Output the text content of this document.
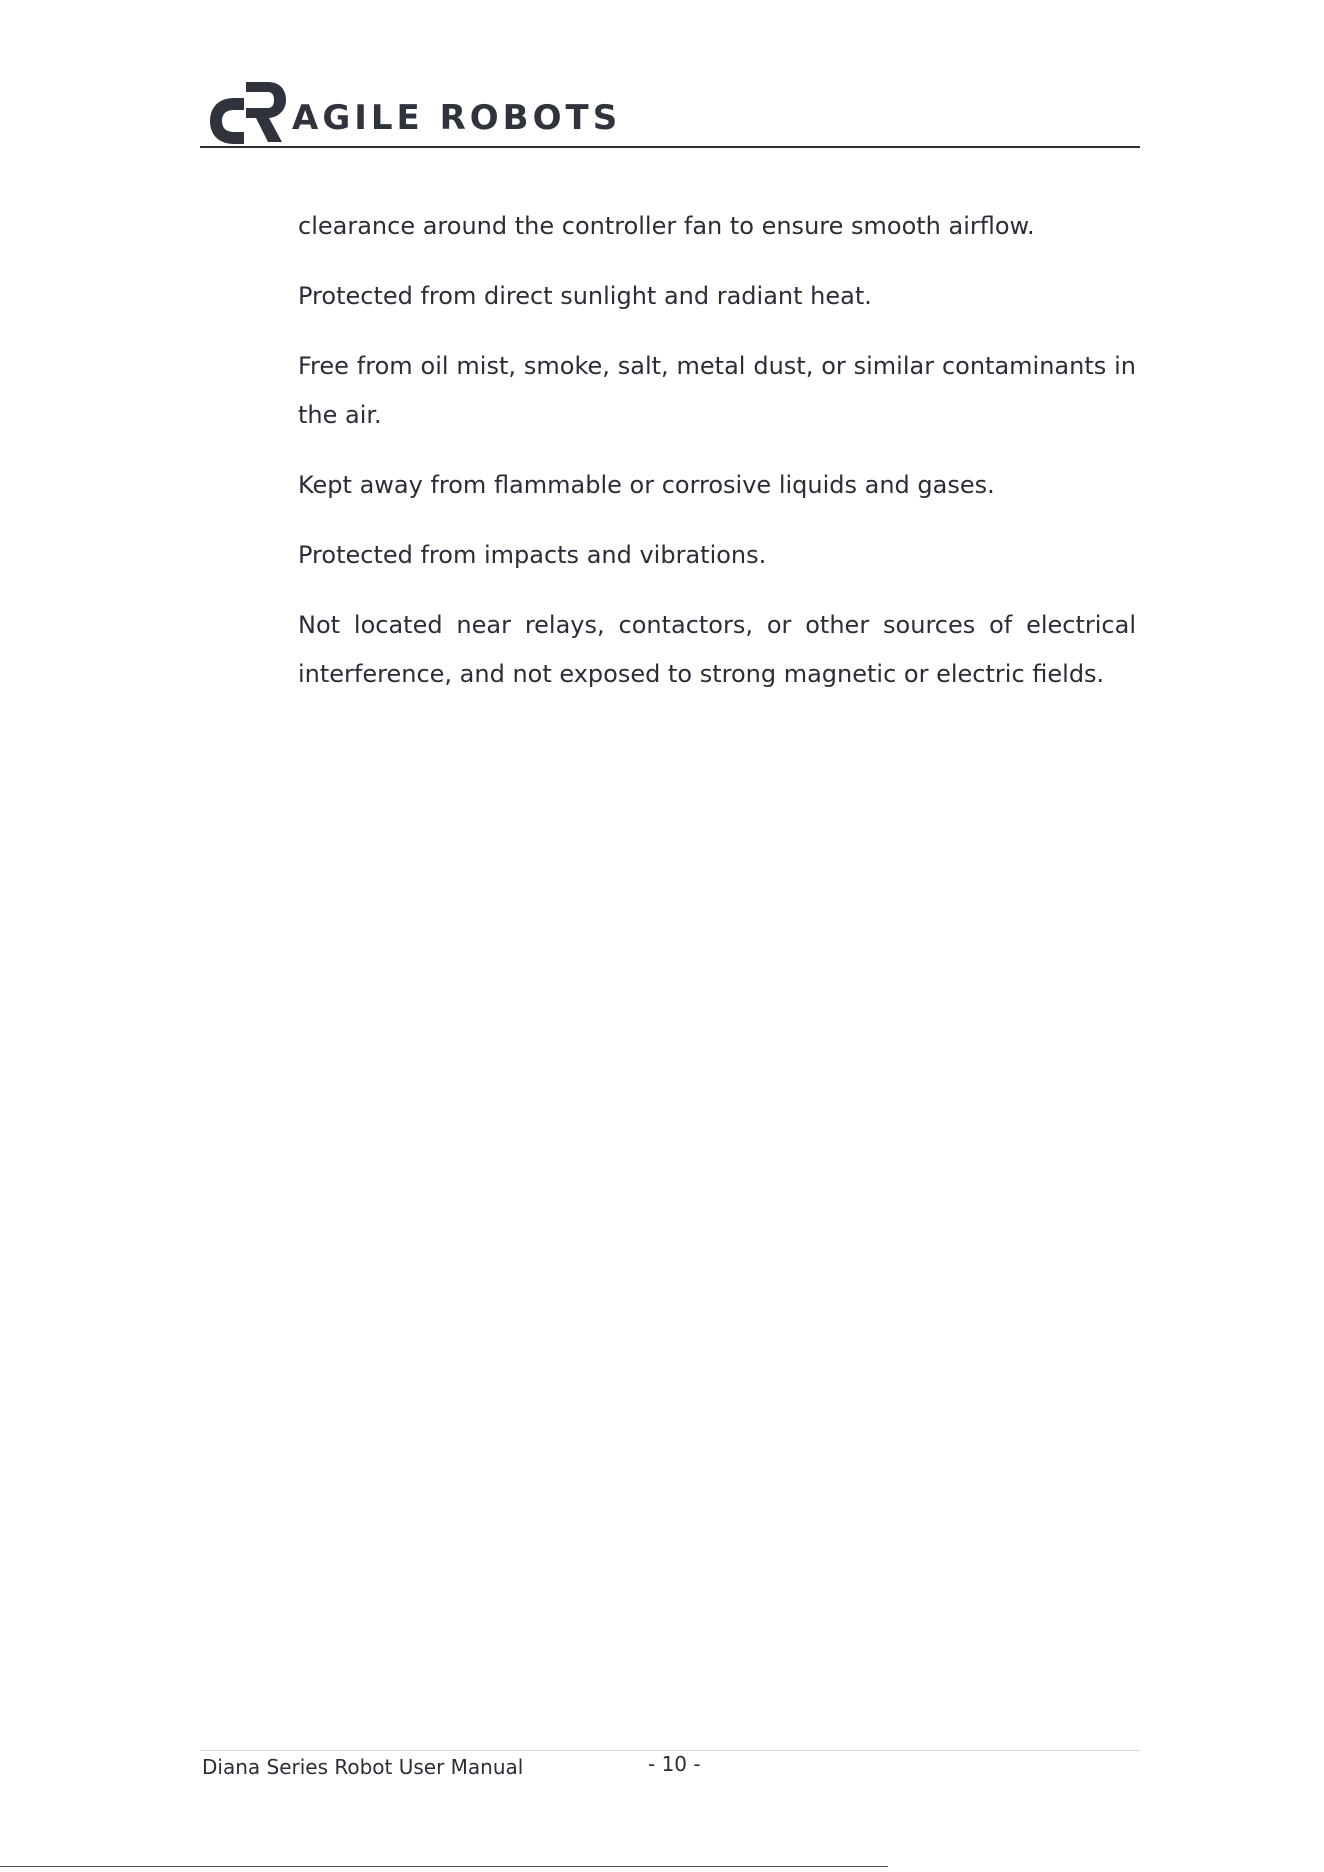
AGILE ROBOTS

clearance around the controller fan to ensure smooth airflow.

Protected from direct sunlight and radiant heat.

Free from oil mist, smoke, salt, metal dust, or similar contaminants in the air.

Kept away from flammable or corrosive liquids and gases.

Protected from impacts and vibrations.

Not located near relays, contactors, or other sources of electrical interference, and not exposed to strong magnetic or electric fields.

Diana Series Robot User Manual	- 10 -
